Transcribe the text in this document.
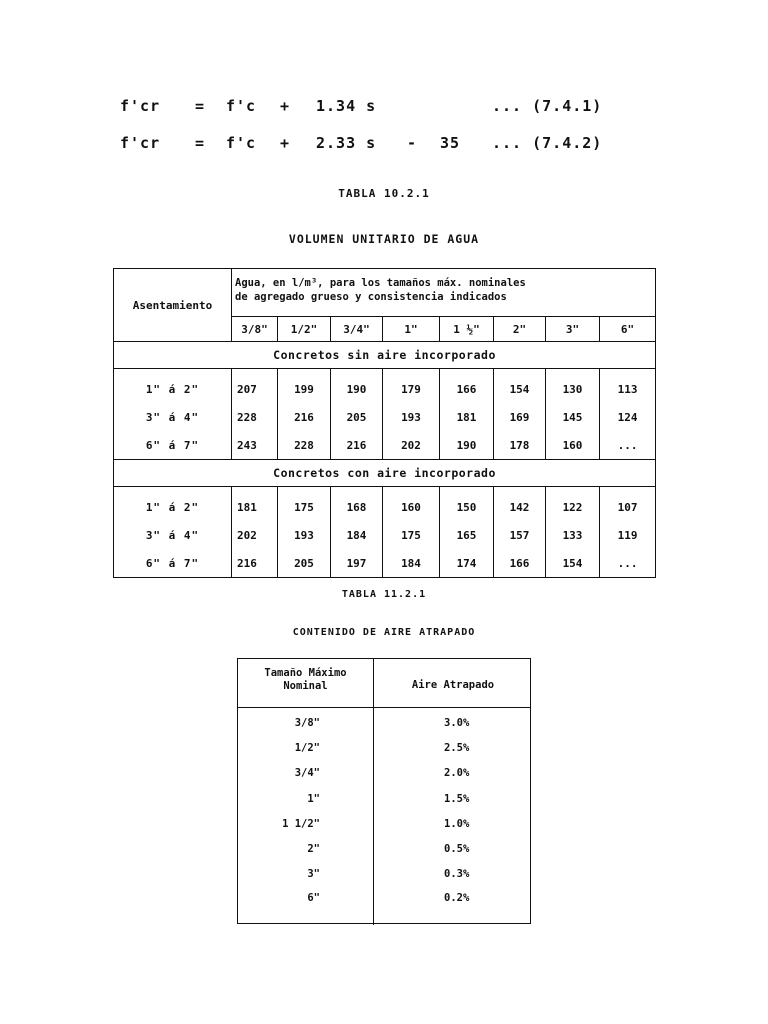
f'cr = f'c + 1.34 s	... (7.4.1)
f'cr = f'c + 2.33 s - 35 ... (7.4.2)
TABLA 10.2.1
VOLUMEN UNITARIO DE AGUA
Asentamiento	Agua, en l/m³, para los tamaños máx. nominales
de agregado grueso y consistencia indicados							

	3/8"	1/2"	3/4"	1"	1 ½"	2"	3"	6"
Concretos sin aire incorporado								
1" á 2"	207	199	190	179	166	154	130	113
3" á 4"	228	216	205	193	181	169	145	124
6" á 7"	243	228	216	202	190	178	160	...
Concretos con aire incorporado								
1" á 2"	181	175	168	160	150	142	122	107
3" á 4"	202	193	184	175	165	157	133	119
6" á 7"	216	205	197	184	174	166	154	...
TABLA 11.2.1
CONTENIDO DE AIRE ATRAPADO
Tamaño Máximo
Nominal	Aire Atrapado
3/8"	3.0%
1/2"	2.5%
3/4"	2.0%
1"	1.5%
1 1/2"	1.0%
2"	0.5%
3"	0.3%
6"	0.2%
